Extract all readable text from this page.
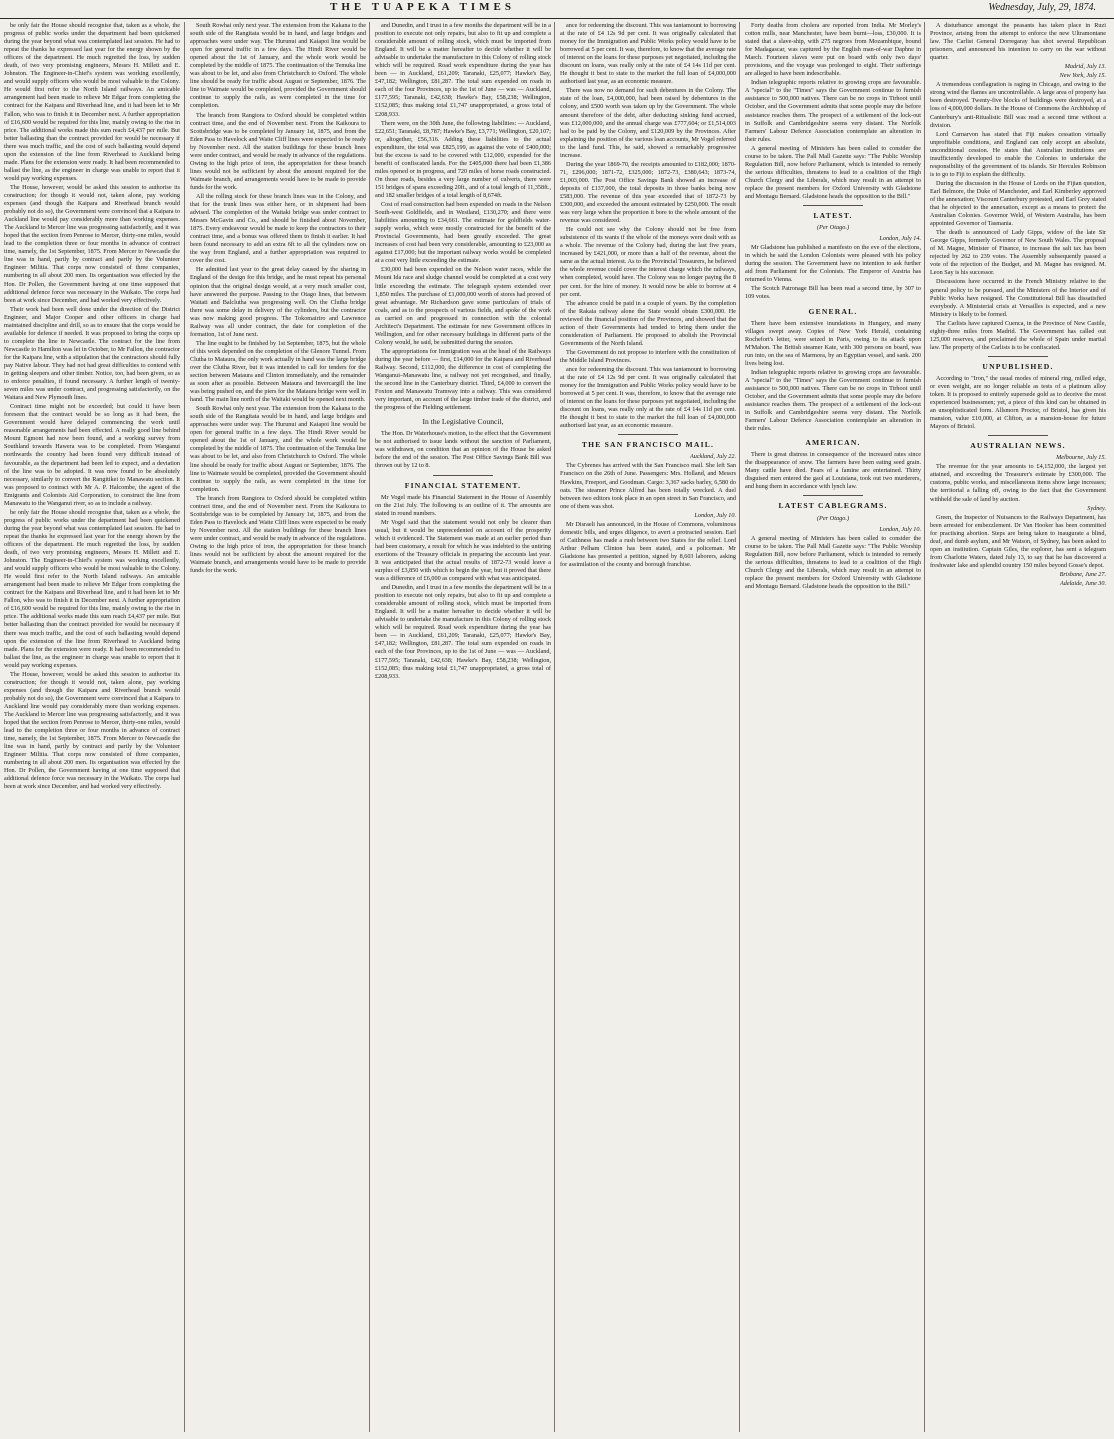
THE TUAPEKA TIMES	Wednesday, July, 29, 1874.

be only fair the House should recognise that, taken as a whole, the progress of public works under the department had been quickened during the year beyond what was contemplated last session. He had to repeat the thanks he expressed last year for the energy shown by the officers of the department. He much regretted the loss, by sudden death, of two very promising engineers, Messrs H. Millett and E. Johnston. The Engineer-in-Chief's system was working excellently, and would supply officers who would be most valuable to the Colony. He would first refer to the North Island railways. An amicable arrangement had been made to relieve Mr Edgar from completing the contract for the Kaipara and Riverhead line, and it had been let to Mr Fallon, who was to finish it in December next. A further appropriation of £16,600 would be required for this line, mainly owing to the rise in price. The additional works made this sum reach £4,437 per mile. But better ballasting than the contract provided for would be necessary if there was much traffic, and the cost of such ballasting would depend upon the extension of the line from Riverhead to Auckland being made. Plans for the extension were ready. It had been recommended to ballast the line, as the engineer in charge was unable to report that it would pay working expenses.

The House, however, would be asked this session to authorise its construction; for though it would not, taken alone, pay working expenses (and though the Kaipara and Riverhead branch would probably not do so), the Government were convinced that a Kaipara to Auckland line would pay considerably more than working expenses. The Auckland to Mercer line was progressing satisfactorily, and it was hoped that the section from Penrose to Mercer, thirty-one miles, would lead to the completion three or four months in advance of contract time, namely, the 1st September, 1875. From Mercer to Newcastle the line was in hand, partly by contract and partly by the Volunteer Engineer Militia. That corps now consisted of three companies, numbering in all about 200 men. Its organisation was effected by the Hon. Dr Pollen, the Government having at one time supposed that additional defence force was necessary in the Waikato. The corps had been at work since December, and had worked very effectively.

Their work had been well done under the direction of the District Engineer, and Major Cooper and other officers in charge had maintained discipline and drill, so as to ensure that the corps would be available for defence if needed. It was proposed to bring the corps up to complete the line to Newcastle. The contract for the line from Newcastle to Hamilton was let in October, to Mr Fallon, the contractor for the Kaipara line, with a stipulation that the contractors should fully pay Native labour. They had not had great difficulties to contend with in getting sleepers and other timber. Notice, too, had been given, so as to enforce penalties, if found necessary. A further length of twenty-seven miles was under contract, and progressing satisfactorily, on the Waitara and New Plymouth lines.

Contract time might not be exceeded; but could it have been foreseen that the contract would be so long as it had been, the Government would have delayed commencing the work until reasonable arrangements had been effected. A really good line behind Mount Egmont had now been found, and a working survey from Southland towards Hawera was to be completed. From Wanganui northwards the country had been found very difficult instead of favourable, as the department had been led to expect, and a deviation of the line was to be adopted. It was now found to be absolutely necessary, similarly to convert the Rangitikei to Manawatu section. It was proposed to contract with Mr A. P. Halcombe, the agent of the Emigrants and Colonists Aid Corporation, to construct the line from Manawatu to the Wanganui river, so as to include a railway.

be only fair the House should recognise that, taken as a whole, the progress of public works under the department had been quickened during the year beyond what was contemplated last session. He had to repeat the thanks he expressed last year for the energy shown by the officers of the department. He much regretted the loss, by sudden death, of two very promising engineers, Messrs H. Millett and E. Johnston. The Engineer-in-Chief's system was working excellently, and would supply officers who would be most valuable to the Colony. He would first refer to the North Island railways. An amicable arrangement had been made to relieve Mr Edgar from completing the contract for the Kaipara and Riverhead line, and it had been let to Mr Fallon, who was to finish it in December next. A further appropriation of £16,600 would be required for this line, mainly owing to the rise in price. The additional works made this sum reach £4,437 per mile. But better ballasting than the contract provided for would be necessary if there was much traffic, and the cost of such ballasting would depend upon the extension of the line from Riverhead to Auckland being made. Plans for the extension were ready. It had been recommended to ballast the line, as the engineer in charge was unable to report that it would pay working expenses.

The House, however, would be asked this session to authorise its construction; for though it would not, taken alone, pay working expenses (and though the Kaipara and Riverhead branch would probably not do so), the Government were convinced that a Kaipara to Auckland line would pay considerably more than working expenses. The Auckland to Mercer line was progressing satisfactorily, and it was hoped that the section from Penrose to Mercer, thirty-one miles, would lead to the completion three or four months in advance of contract time, namely, the 1st September, 1875. From Mercer to Newcastle the line was in hand, partly by contract and partly by the Volunteer Engineer Militia. That corps now consisted of three companies, numbering in all about 200 men. Its organisation was effected by the Hon. Dr Pollen, the Government having at one time supposed that additional defence force was necessary in the Waikato. The corps had been at work since December, and had worked very effectively.

South Rowhai only next year. The extension from the Kakana to the south side of the Rangitata would be in hand, and large bridges and approaches were under way. The Hurunui and Kaiapoi line would be open for general traffic in a few days. The Hindi River would be opened about the 1st of January, and the whole work would be completed by the middle of 1875. The continuation of the Temuka line was about to be let, and also from Christchurch to Oxford. The whole line should be ready for traffic about August or September, 1876. The line to Waimate would be completed, provided the Government should continue to supply the rails, as were completed in the time for completion.

The branch from Rangiora to Oxford should be completed within contract time, and the end of November next. From the Kaikoura to Scottsbridge was to be completed by January 1st, 1875, and from the Eden Pass to Havelock and Waite Cliff lines were expected to be ready by November next. All the station buildings for these branch lines were under contract, and would be ready in advance of the regulations. Owing to the high price of iron, the appropriation for these branch lines would not be sufficient by about the amount required for the Waimate branch, and arrangements would have to be made to provide funds for the work.

All the rolling stock for these branch lines was in the Colony, and that for the trunk lines was either here, or in shipment had been advised. The completion of the Waitaki bridge was under contract to Messrs McGavin and Co., and should be finished about November, 1875. Every endeavour would be made to keep the contractors to their contract time, and a bonus was offered them to finish it earlier. It had been found necessary to add an extra 6ft to all the cylinders now on the way from England, and a further appropriation was required to cover the cost.

He admitted last year to the great delay caused by the sharing in England of the design for this bridge, and he must repeat his personal opinion that the original design would, at a very much smaller cost, have answered the purpose. Passing to the Otago lines, that between Waitati and Balclutha was progressing well. On the Clutha bridge there was some delay in delivery of the cylinders, but the contractor was now making good progress. The Tokomairiro and Lawrence Railway was all under contract, the date for completion of the formation, 1st of June next.

The line ought to be finished by 1st September, 1875, but the whole of this work depended on the completion of the Glenore Tunnel. From Clutha to Mataura, the only work actually in hand was the large bridge over the Clutha River, but it was intended to call for tenders for the section between Mataura and Clinton immediately, and the remainder as soon after as possible. Between Mataura and Invercargill the line was being pushed on, and the piers for the Mataura bridge were well in hand. The main line north of the Waitaki would be opened next month.

South Rowhai only next year. The extension from the Kakana to the south side of the Rangitata would be in hand, and large bridges and approaches were under way. The Hurunui and Kaiapoi line would be open for general traffic in a few days. The Hindi River would be opened about the 1st of January, and the whole work would be completed by the middle of 1875. The continuation of the Temuka line was about to be let, and also from Christchurch to Oxford. The whole line should be ready for traffic about August or September, 1876. The line to Waimate would be completed, provided the Government should continue to supply the rails, as were completed in the time for completion.

The branch from Rangiora to Oxford should be completed within contract time, and the end of November next. From the Kaikoura to Scottsbridge was to be completed by January 1st, 1875, and from the Eden Pass to Havelock and Waite Cliff lines were expected to be ready by November next. All the station buildings for these branch lines were under contract, and would be ready in advance of the regulations. Owing to the high price of iron, the appropriation for these branch lines would not be sufficient by about the amount required for the Waimate branch, and arrangements would have to be made to provide funds for the work.

and Dunedin, and I trust in a few months the department will be in a position to execute not only repairs, but also to fit up and complete a considerable amount of rolling stock, which must be imported from England. It will be a matter hereafter to decide whether it will be advisable to undertake the manufacture in this Colony of rolling stock which will be required. Road work expenditure during the year has been — in Auckland, £61,209; Taranaki, £25,077; Hawke's Bay, £47,182; Wellington, £81,287. The total sum expended on roads in each of the four Provinces, up to the 1st of June — was — Auckland, £177,595; Taranaki, £42,638; Hawke's Bay, £58,238; Wellington, £152,085; thus making total £1,747 unappropriated, a gross total of £208,933.

There were, on the 30th June, the following liabilities: — Auckland, £22,651; Taranaki, £8,787; Hawke's Bay, £3,771; Wellington, £20,107; or, altogether, £56,316. Adding these liabilities to the actual expenditure, the total was £825,199, as against the vote of £400,000; but the excess is said to be covered with £12,000, expended for the benefit of confiscated lands. For the £405,000 there had been £1,386 miles opened or in progress, and 720 miles of horse roads constructed. On those roads, besides a very large number of culverts, there were 151 bridges of spans exceeding 20ft., and of a total length of 11,358ft., and 182 smaller bridges of a total length of 8,674ft.

Cost of road construction had been expended on roads in the Nelson South-west Goldfields, and in Westland, £130,270; and there were liabilities amounting to £34,661. The estimate for goldfields water-supply works, which were mostly constructed for the benefit of the Provincial Governments, had been greatly exceeded. The great increases of cost had been very considerable, amounting to £23,000 as against £17,000; but the important railway works would be completed at a cost very little exceeding the estimate.

£30,000 had been expended on the Nelson water races, while the Mount Ida race and sludge channel would be completed at a cost very little exceeding the estimate. The telegraph system extended over 1,850 miles. The purchase of £1,000,000 worth of stores had proved of great advantage. Mr Richardson gave some particulars of trials of coals, and as to the prospects of various fields, and spoke of the work as carried on and progressed in connection with the colonial Architect's Department. The estimate for new Government offices in Wellington, and for other necessary buildings in different parts of the Colony would, he said, be submitted during the session.

The appropriations for Immigration was at the head of the Railways during the year before — first, £14,000 for the Kaipara and Riverhead Railway. Second, £112,000, the difference in cost of completing the Wanganui–Manawatu line, a railway not yet recognised, and finally, the second line in the Canterbury district. Third, £4,000 to convert the Foxton and Manawatu Tramway into a railway. This was considered very important, on account of the large timber trade of the district, and the progress of the Fielding settlement.

In the Legislative Council,

The Hon. Dr Waterhouse's motion, to the effect that the Government be not authorised to issue lands without the sanction of Parliament, was withdrawn, on condition that an opinion of the House be asked before the end of the session. The Post Office Savings Bank Bill was thrown out by 12 to 8.

FINANCIAL STATEMENT.

Mr Vogel made his Financial Statement in the House of Assembly on the 21st July. The following is an outline of it. The amounts are stated in round numbers.

Mr Vogel said that the statement would not only be clearer than usual, but it would be unprecedented on account of the prosperity which it evidenced. The Statement was made at an earlier period than had been customary, a result for which he was indebted to the untiring exertions of the Treasury officials in preparing the accounts last year. It was anticipated that the actual results of 1872-73 would leave a surplus of £3,850 with which to begin the year, but it proved that there was a difference of £6,000 as compared with what was anticipated.

and Dunedin, and I trust in a few months the department will be in a position to execute not only repairs, but also to fit up and complete a considerable amount of rolling stock, which must be imported from England. It will be a matter hereafter to decide whether it will be advisable to undertake the manufacture in this Colony of rolling stock which will be required. Road work expenditure during the year has been — in Auckland, £61,209; Taranaki, £25,077; Hawke's Bay, £47,182; Wellington, £81,287. The total sum expended on roads in each of the four Provinces, up to the 1st of June — was — Auckland, £177,595; Taranaki, £42,638; Hawke's Bay, £58,238; Wellington, £152,085; thus making total £1,747 unappropriated, a gross total of £208,933.

ance for redeeming the discount. This was tantamount to borrowing at the rate of £4 12s 9d per cent. It was originally calculated that money for the Immigration and Public Works policy would have to be borrowed at 5 per cent. It was, therefore, to know that the average rate of interest on the loans for these purposes yet negotiated, including the discount on loans, was really only at the rate of £4 14s 11d per cent. He thought it best to state to the market the full loan of £4,000,000 authorised last year, as an economic measure.

There was now no demand for such debentures in the Colony. The state of the loan, £4,000,000, had been raised by debentures in the colony, and £500 worth was taken up by the Government. The whole amount therefore of the debt, after deducting sinking fund accrued, was £12,000,000, and the annual charge was £777,604; or £1,514,003 had to be paid by the Colony, and £120,009 by the Provinces. After explaining the position of the various loan accounts, Mr Vogel referred to the land fund. This, he said, showed a remarkably progressive increase.

During the year 1869-70, the receipts amounted to £182,000; 1870-71, £296,000; 1871-72, £325,000; 1872-73, £380,643; 1873-74, £1,003,000. The Post Office Savings Bank showed an increase of deposits of £137,000, the total deposits in those banks being now £583,000. The revenue of this year exceeded that of 1872-73 by £300,000, and exceeded the amount estimated by £250,000. The result was very large when the proportion it bore to the whole amount of the revenue was considered.

He could not see why the Colony should not be free from subsistence of its wants if the whole of the moneys were dealt with as a whole. The revenue of the Colony had, during the last five years, increased by £421,000, or more than a half of the revenue, about the same as the actual interest. As to the Provincial Treasurers, he believed the whole revenue could cover the interest charge which the railways, when completed, would have. The Colony was no longer paying the 8 per cent. for the hire of money. It would now be able to borrow at 4 per cent.

The advance could be paid in a couple of years. By the completion of the Rakaia railway alone the State would obtain £300,000. He reviewed the financial position of the Provinces, and showed that the action of their Governments had tended to bring them under the consideration of Parliament. He proposed to abolish the Provincial Governments of the North Island.

The Government do not propose to interfere with the constitution of the Middle Island Provinces.

ance for redeeming the discount. This was tantamount to borrowing at the rate of £4 12s 9d per cent. It was originally calculated that money for the Immigration and Public Works policy would have to be borrowed at 5 per cent. It was, therefore, to know that the average rate of interest on the loans for these purposes yet negotiated, including the discount on loans, was really only at the rate of £4 14s 11d per cent. He thought it best to state to the market the full loan of £4,000,000 authorised last year, as an economic measure.

THE SAN FRANCISCO MAIL.

Auckland, July 22.

The Cybrenes has arrived with the San Francisco mail. She left San Francisco on the 26th of June. Passengers: Mrs. Holland, and Messrs Hawkins, Freeport, and Goodman. Cargo: 3,367 sacks barley, 6,580 do oats. The steamer Prince Alfred has been totally wrecked. A duel between two editors took place in an open street in San Francisco, and one of them was shot.

London, July 10.

Mr Disraeli has announced, in the House of Commons, voluminous domestic bills, and urges diligence, to avert a protracted session. Earl of Caithness has made a rush between two States for the relief. Lord Arthur Pelham Clinton has been stated, and a policeman. Mr Gladstone has presented a petition, signed by 8,603 laborers, asking for assimilation of the county and borough franchise.

Forty deaths from cholera are reported from India. Mr Morley's cotton mills, near Manchester, have been burnt—loss, £30,000. It is stated that a slave-ship, with 275 negroes from Mozambique, bound for Madagascar, was captured by the English man-of-war Daphne in March. Fourteen slaves were put on board with only two days' provisions, and the voyage was prolonged to eight. Their sufferings are alleged to have been indescribable.

Indian telegraphic reports relative to growing crops are favourable. A "special" to the "Times" says the Government continue to furnish assistance to 500,000 natives. There can be no crops in Tirhoot until October, and the Government admits that some people may die before assistance reaches them. The prospect of a settlement of the lock-out in Suffolk and Cambridgeshire seems very distant. The Norfolk Farmers' Labour Defence Association contemplate an alteration in their rules.

A general meeting of Ministers has been called to consider the course to be taken. The Pall Mall Gazette says: "The Public Worship Regulation Bill, now before Parliament, which is intended to remedy the serious difficulties, threatens to lead to a coalition of the High Church Clergy and the Liberals, which may result in an attempt to replace the present members for Oxford University with Gladstone and Montagu Bernard. Gladstone heads the opposition to the Bill."

LATEST.
(Per Otago.)

London, July 14.

Mr Gladstone has published a manifesto on the eve of the elections, in which he said the London Colonists were pleased with his policy during the session. The Government have no intention to ask further aid from Parliament for the Colonists. The Emperor of Austria has returned to Vienna.

The Scotch Patronage Bill has been read a second time, by 307 to 109 votes.

GENERAL.

There have been extensive inundations in Hungary, and many villages swept away. Copies of New York Herald, containing Rochefort's letter, were seized in Paris, owing to its attack upon M'Mahon. The British steamer Kate, with 300 persons on board, was run into, on the sea of Marmora, by an Egyptian vessel, and sank. 200 lives being lost.

Indian telegraphic reports relative to growing crops are favourable. A "special" to the "Times" says the Government continue to furnish assistance to 500,000 natives. There can be no crops in Tirhoot until October, and the Government admits that some people may die before assistance reaches them. The prospect of a settlement of the lock-out in Suffolk and Cambridgeshire seems very distant. The Norfolk Farmers' Labour Defence Association contemplate an alteration in their rules.

AMERICAN.

There is great distress in consequence of the increased rates since the disappearance of snow. The farmers have been eating seed grain. Many cattle have died. Fears of a famine are entertained. Thirty disguised men entered the gaol at Louisiana, took out two murderers, and hung them in accordance with lynch law.

LATEST CABLEGRAMS.
(Per Otago.)

London, July 10.

A general meeting of Ministers has been called to consider the course to be taken. The Pall Mall Gazette says: "The Public Worship Regulation Bill, now before Parliament, which is intended to remedy the serious difficulties, threatens to lead to a coalition of the High Church Clergy and the Liberals, which may result in an attempt to replace the present members for Oxford University with Gladstone and Montagu Bernard. Gladstone heads the opposition to the Bill."

A disturbance amongst the peasants has taken place in Ruzi Province, arising from the attempt to enforce the new Ultramontane law. The Carlist General Dorregaray has shot several Republican prisoners, and announced his intention to carry on the war without quarter.

Madrid, July 13.

New York, July 15.

A tremendous conflagration is raging in Chicago, and owing to the strong wind the flames are uncontrollable. A large area of property has been destroyed. Twenty-five blocks of buildings were destroyed, at a loss of 4,000,000 dollars. In the House of Commons the Archbishop of Canterbury's anti-Ritualistic Bill was read a second time without a division.

Lord Carnarvon has stated that Fiji makes cessation virtually unprofitable conditions, and England can only accept an absolute, unconditional cession. He states that Australian institutions are insufficiently developed to enable the Colonies to undertake the responsibility of the government of its islands. Sir Hercules Robinson is to go to Fiji to explain the difficulty.

During the discussion in the House of Lords on the Fijian question, Earl Belmore, the Duke of Manchester, and Earl Kimberley approved of the annexation; Viscount Canterbury protested, and Earl Grey stated that he objected to the annexation, except as a means to protect the Australian Colonies. Governor Weld, of Western Australia, has been appointed Governor of Tasmania.

The death is announced of Lady Gipps, widow of the late Sir George Gipps, formerly Governor of New South Wales. The proposal of M. Magne, Minister of Finance, to increase the salt tax has been rejected by 262 to 239 votes. The Assembly subsequently passed a vote of the rejection of the Budget, and M. Magne has resigned. M. Leon Say is his successor.

Discussions have occurred in the French Ministry relative to the general policy to be pursued, and the Ministers of the Interior and of Public Works have resigned. The Constitutional Bill has dissatisfied everybody. A Ministerial crisis at Versailles is expected, and a new Ministry is likely to be formed.

The Carlists have captured Cuenca, in the Province of New Castile, eighty-three miles from Madrid. The Government has called out 125,000 reserves, and proclaimed the whole of Spain under martial law. The property of the Carlists is to be confiscated.

UNPUBLISHED.

According to "Iron," the usual modes of mineral ring, milled edge, or even weight, are no longer reliable as tests of a platinum alloy token. It is proposed to entirely supersede gold as to deceive the most experienced businessmen; yet, a piece of this kind can be obtained in an unsophisticated form. Allsmorn Proctor, of Bristol, has given his mansion, value £10,000, at Clifton, as a mansion-house for future Mayors of Bristol.

AUSTRALIAN NEWS.

Melbourne, July 15.

The revenue for the year amounts to £4,152,000, the largest yet attained, and exceeding the Treasurer's estimate by £300,000. The customs, public works, and miscellaneous items show large increases; the territorial a falling off, owing to the fact that the Government withheld the sale of land by auction.

Sydney.

Green, the Inspector of Nuisances to the Railways Department, has been arrested for embezzlement. Dr Van Hooker has been committed for practising abortion. Steps are being taken to inaugurate a blind, deaf, and dumb asylum, and Mr Watson, of Sydney, has been asked to open an institution. Captain Giles, the explorer, has sent a telegram from Charlotte Waters, dated July 13, to say that he has discovered a freshwater lake and splendid country 150 miles beyond Gosse's depot.

Brisbane, June 27.

Adelaide, June 30.
